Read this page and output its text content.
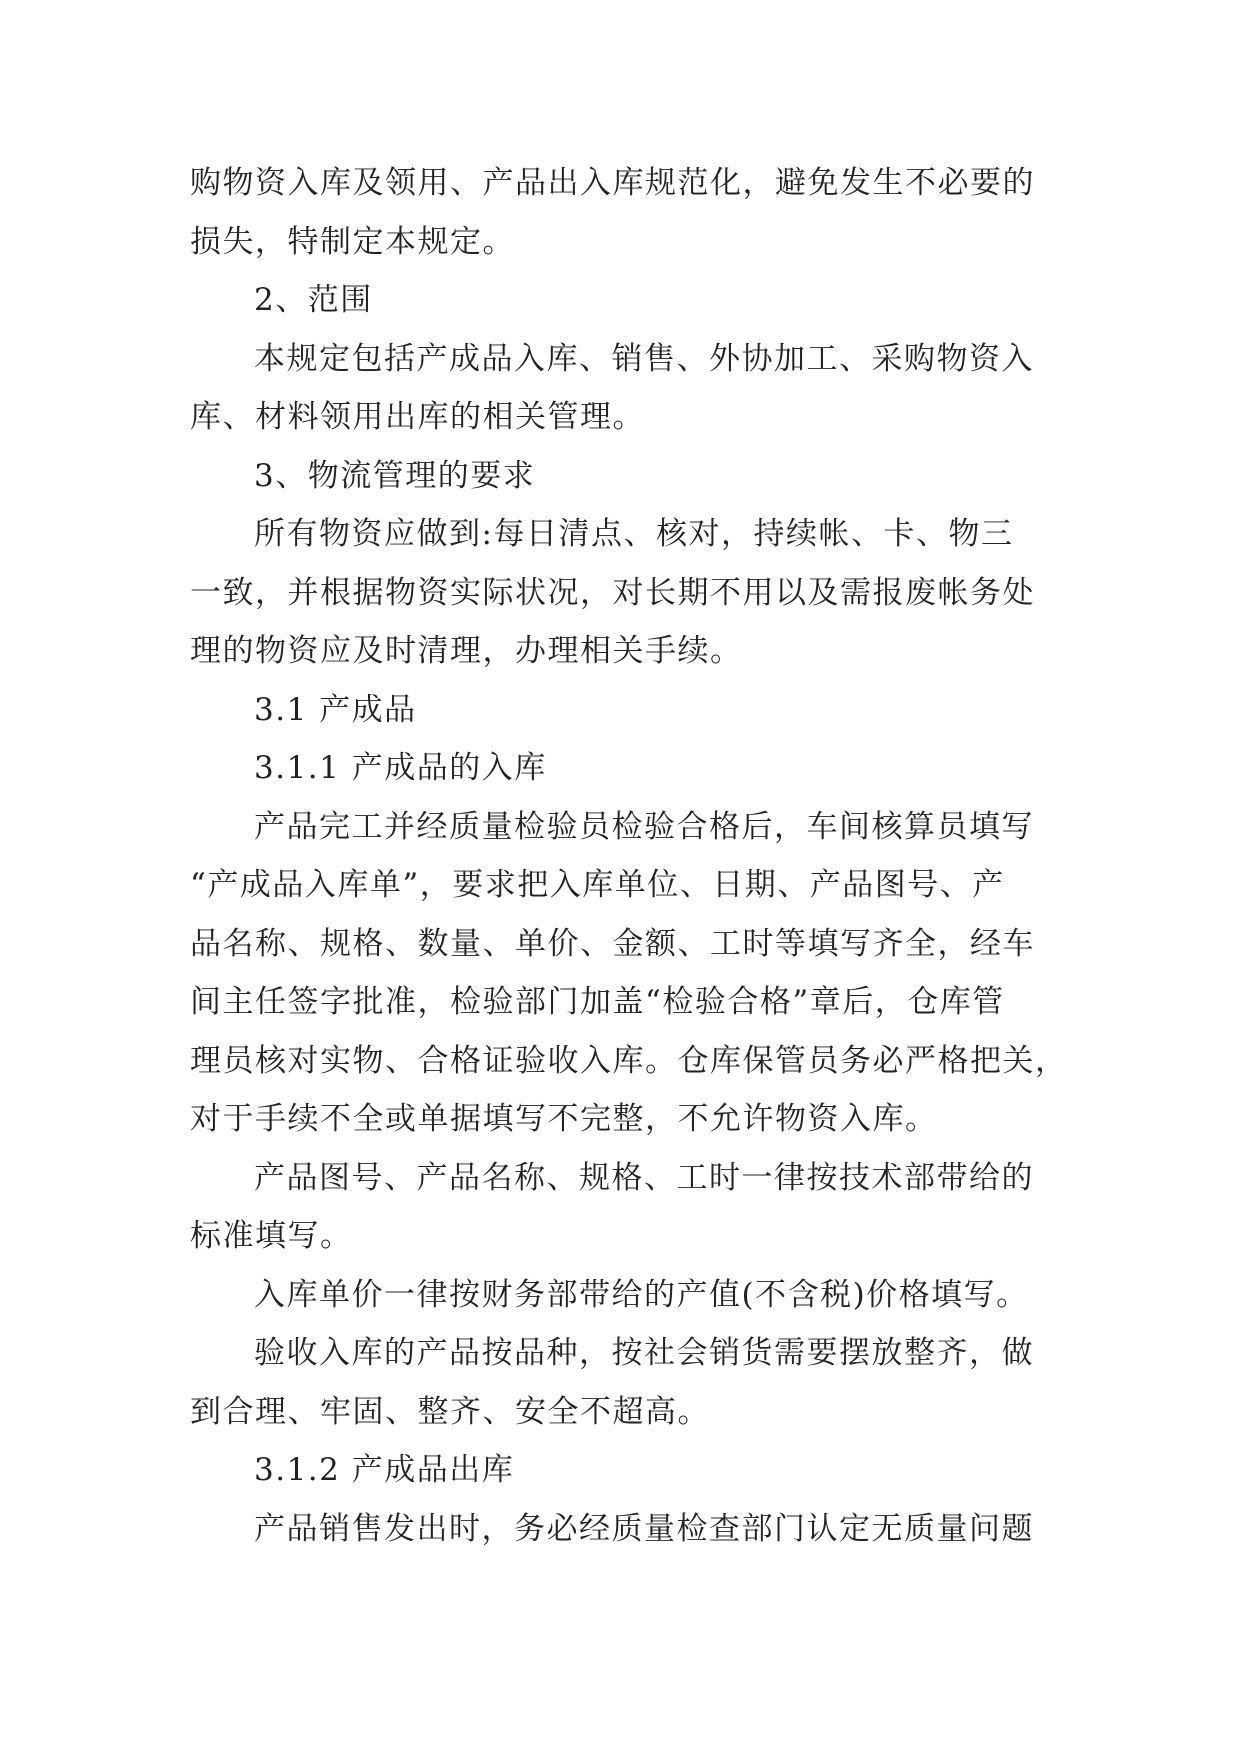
购物资入库及领用、产品出入库规范化，避免发生不必要的
损失，特制定本规定。
2、范围
本规定包括产成品入库、销售、外协加工、采购物资入
库、材料领用出库的相关管理。
3、物流管理的要求
所有物资应做到:每日清点、核对，持续帐、卡、物三
一致，并根据物资实际状况，对长期不用以及需报废帐务处
理的物资应及时清理，办理相关手续。
3.1 产成品
3.1.1 产成品的入库
产品完工并经质量检验员检验合格后，车间核算员填写
“产成品入库单”，要求把入库单位、日期、产品图号、产
品名称、规格、数量、单价、金额、工时等填写齐全，经车
间主任签字批准，检验部门加盖“检验合格”章后，仓库管
理员核对实物、合格证验收入库。仓库保管员务必严格把关，
对于手续不全或单据填写不完整，不允许物资入库。
产品图号、产品名称、规格、工时一律按技术部带给的
标准填写。
入库单价一律按财务部带给的产值(不含税)价格填写。
验收入库的产品按品种，按社会销货需要摆放整齐，做
到合理、牢固、整齐、安全不超高。
3.1.2 产成品出库
产品销售发出时，务必经质量检查部门认定无质量问题
